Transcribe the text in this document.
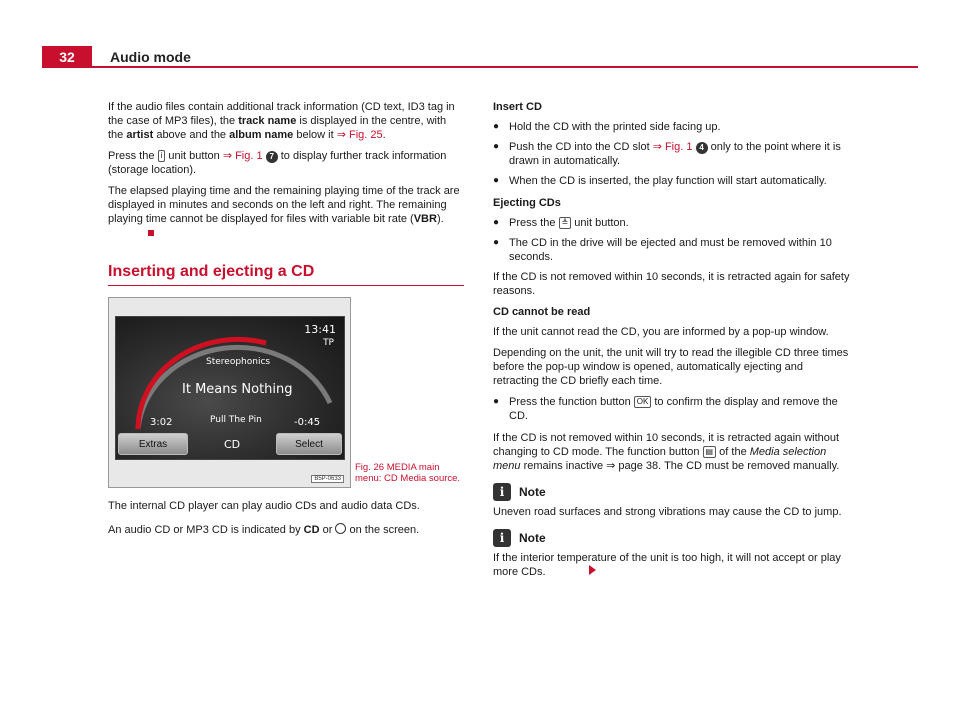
32	Audio mode

If the audio files contain additional track information (CD text, ID3 tag in the case of MP3 files), the track name is displayed in the centre, with the artist above and the album name below it ⇒ Fig. 25.

Press the i unit button ⇒ Fig. 1 7 to display further track information (storage location).

The elapsed playing time and the remaining playing time of the track are displayed in minutes and seconds on the left and right. The remaining playing time cannot be displayed for files with variable bit rate (VBR).

Inserting and ejecting a CD
13:41
TP
Stereophonics
It Means Nothing
Pull The Pin
3:02	-0:45
Extras	CD	Select
B5P-0633
Fig. 26 MEDIA main menu: CD Media source.

The internal CD player can play audio CDs and audio data CDs.

An audio CD or MP3 CD is indicated by CD or  on the screen.

Insert CD
● Hold the CD with the printed side facing up.
● Push the CD into the CD slot ⇒ Fig. 1 4 only to the point where it is drawn in automatically.
● When the CD is inserted, the play function will start automatically.
Ejecting CDs
● Press the ≜ unit button.
● The CD in the drive will be ejected and must be removed within 10 seconds.

If the CD is not removed within 10 seconds, it is retracted again for safety reasons.

CD cannot be read

If the unit cannot read the CD, you are informed by a pop-up window.

Depending on the unit, the unit will try to read the illegible CD three times before the pop-up window is opened, automatically ejecting and retracting the CD briefly each time.

● Press the function button OK to confirm the display and remove the CD.

If the CD is not removed within 10 seconds, it is retracted again without changing to CD mode. The function button ▤ of the Media selection menu remains inactive ⇒ page 38. The CD must be removed manually.

i	Note

Uneven road surfaces and strong vibrations may cause the CD to jump.

i	Note

If the interior temperature of the unit is too high, it will not accept or play more CDs.
